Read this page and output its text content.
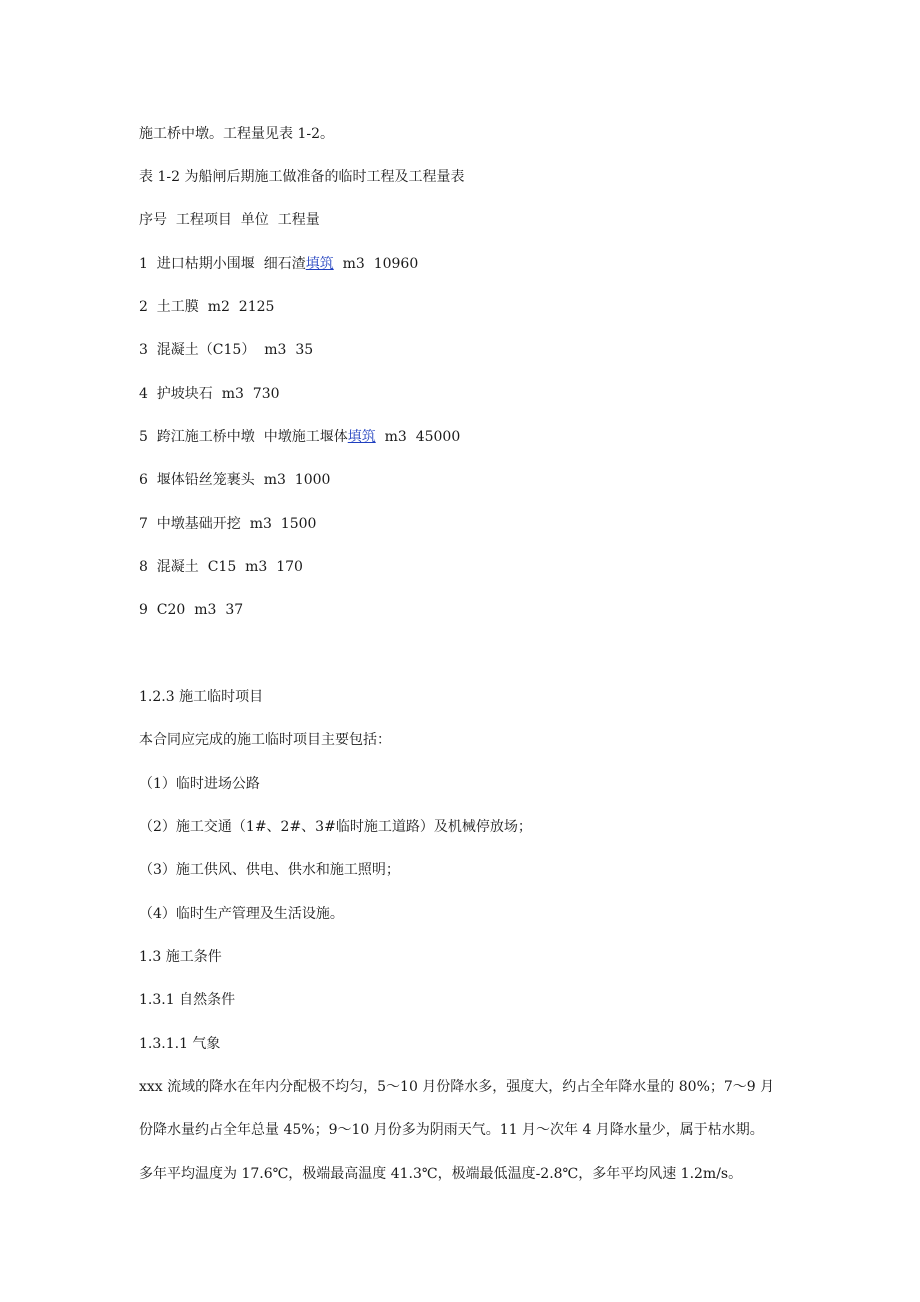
施工桥中墩。工程量见表 1-2。
表 1-2 为船闸后期施工做准备的临时工程及工程量表
序号  工程项目  单位  工程量
1  进口枯期小围堰  细石渣填筑  m3  10960
2  土工膜  m2  2125
3  混凝土（C15）  m3  35
4  护坡块石  m3  730
5  跨江施工桥中墩  中墩施工堰体填筑  m3  45000
6  堰体铅丝笼裹头  m3  1000
7  中墩基础开挖  m3  1500
8  混凝土  C15  m3  170
9  C20  m3  37
1.2.3 施工临时项目
本合同应完成的施工临时项目主要包括：
（1）临时进场公路
（2）施工交通（1#、2#、3#临时施工道路）及机械停放场；
（3）施工供风、供电、供水和施工照明；
（4）临时生产管理及生活设施。
1.3 施工条件
1.3.1 自然条件
1.3.1.1 气象
xxx 流域的降水在年内分配极不均匀，5～10 月份降水多，强度大，约占全年降水量的 80%；7～9 月
份降水量约占全年总量 45%；9～10 月份多为阴雨天气。11 月～次年 4 月降水量少，属于枯水期。
多年平均温度为 17.6℃，极端最高温度 41.3℃，极端最低温度-2.8℃，多年平均风速 1.2m/s。
